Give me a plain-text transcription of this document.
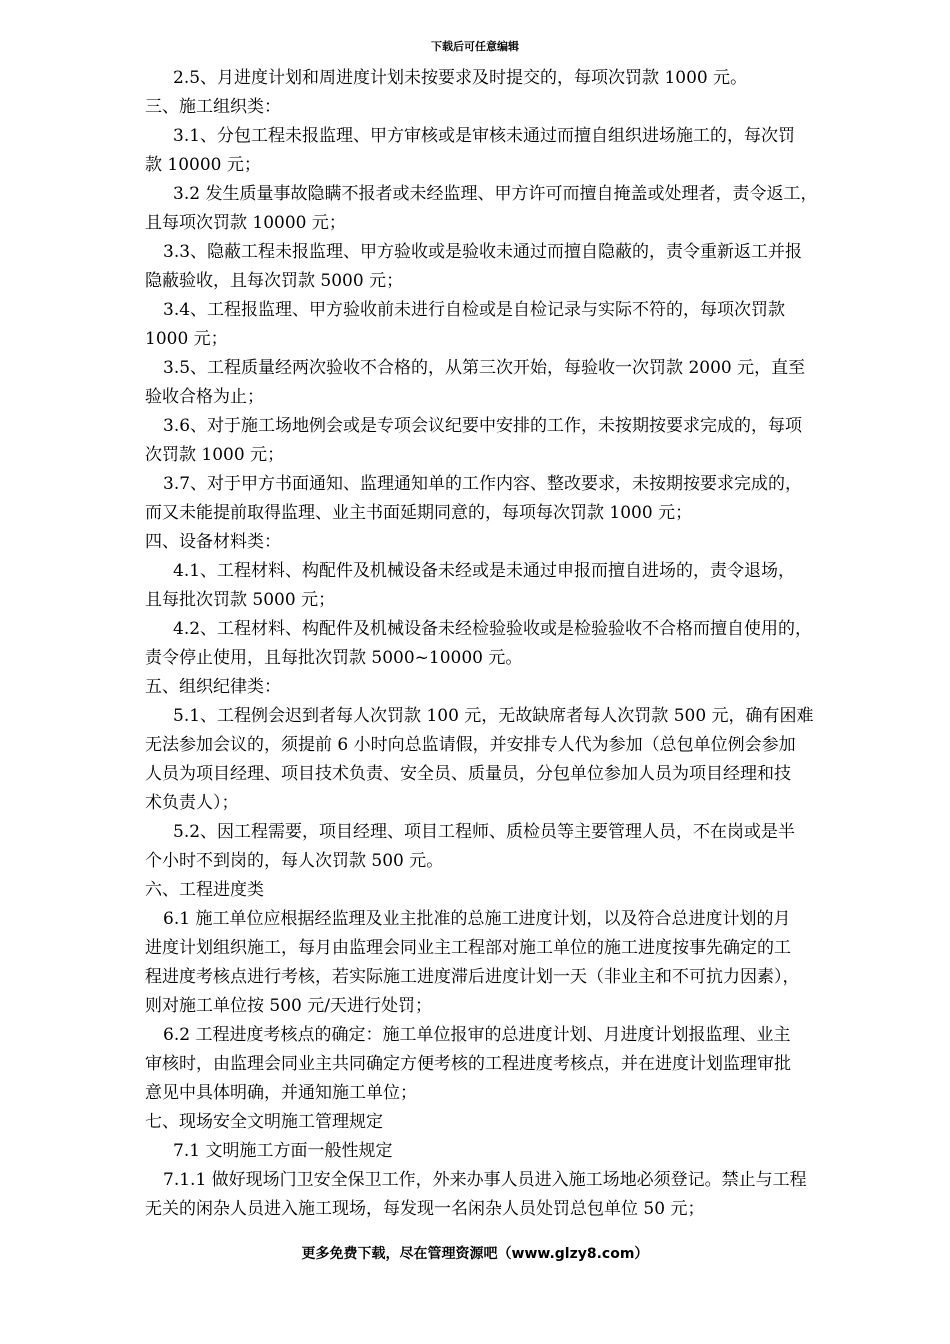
下载后可任意编辑
2.5、月进度计划和周进度计划未按要求及时提交的，每项次罚款 1000 元。
三、施工组织类：
3.1、分包工程未报监理、甲方审核或是审核未通过而擅自组织进场施工的，每次罚
款 10000 元；
3.2 发生质量事故隐瞒不报者或未经监理、甲方许可而擅自掩盖或处理者，责令返工，
且每项次罚款 10000 元；
3.3、隐蔽工程未报监理、甲方验收或是验收未通过而擅自隐蔽的，责令重新返工并报
隐蔽验收，且每次罚款 5000 元；
3.4、工程报监理、甲方验收前未进行自检或是自检记录与实际不符的，每项次罚款
1000 元；
3.5、工程质量经两次验收不合格的，从第三次开始，每验收一次罚款 2000 元，直至
验收合格为止；
3.6、对于施工场地例会或是专项会议纪要中安排的工作，未按期按要求完成的，每项
次罚款 1000 元；
3.7、对于甲方书面通知、监理通知单的工作内容、整改要求，未按期按要求完成的，
而又未能提前取得监理、业主书面延期同意的，每项每次罚款 1000 元；
四、设备材料类：
4.1、工程材料、构配件及机械设备未经或是未通过申报而擅自进场的，责令退场，
且每批次罚款 5000 元；
4.2、工程材料、构配件及机械设备未经检验验收或是检验验收不合格而擅自使用的，
责令停止使用，且每批次罚款 5000~10000 元。
五、组织纪律类：
5.1、工程例会迟到者每人次罚款 100 元，无故缺席者每人次罚款 500 元，确有困难
无法参加会议的，须提前 6 小时向总监请假，并安排专人代为参加（总包单位例会参加
人员为项目经理、项目技术负责、安全员、质量员，分包单位参加人员为项目经理和技
术负责人）；
5.2、因工程需要，项目经理、项目工程师、质检员等主要管理人员，不在岗或是半
个小时不到岗的，每人次罚款 500 元。
六、工程进度类
6.1 施工单位应根据经监理及业主批准的总施工进度计划，以及符合总进度计划的月
进度计划组织施工，每月由监理会同业主工程部对施工单位的施工进度按事先确定的工
程进度考核点进行考核，若实际施工进度滞后进度计划一天（非业主和不可抗力因素），
则对施工单位按 500 元/天进行处罚；
6.2 工程进度考核点的确定：施工单位报审的总进度计划、月进度计划报监理、业主
审核时，由监理会同业主共同确定方便考核的工程进度考核点，并在进度计划监理审批
意见中具体明确，并通知施工单位；
七、现场安全文明施工管理规定
7.1 文明施工方面一般性规定
7.1.1 做好现场门卫安全保卫工作，外来办事人员进入施工场地必须登记。禁止与工程
无关的闲杂人员进入施工现场，每发现一名闲杂人员处罚总包单位 50 元；
更多免费下载，尽在管理资源吧（www.glzy8.com）
